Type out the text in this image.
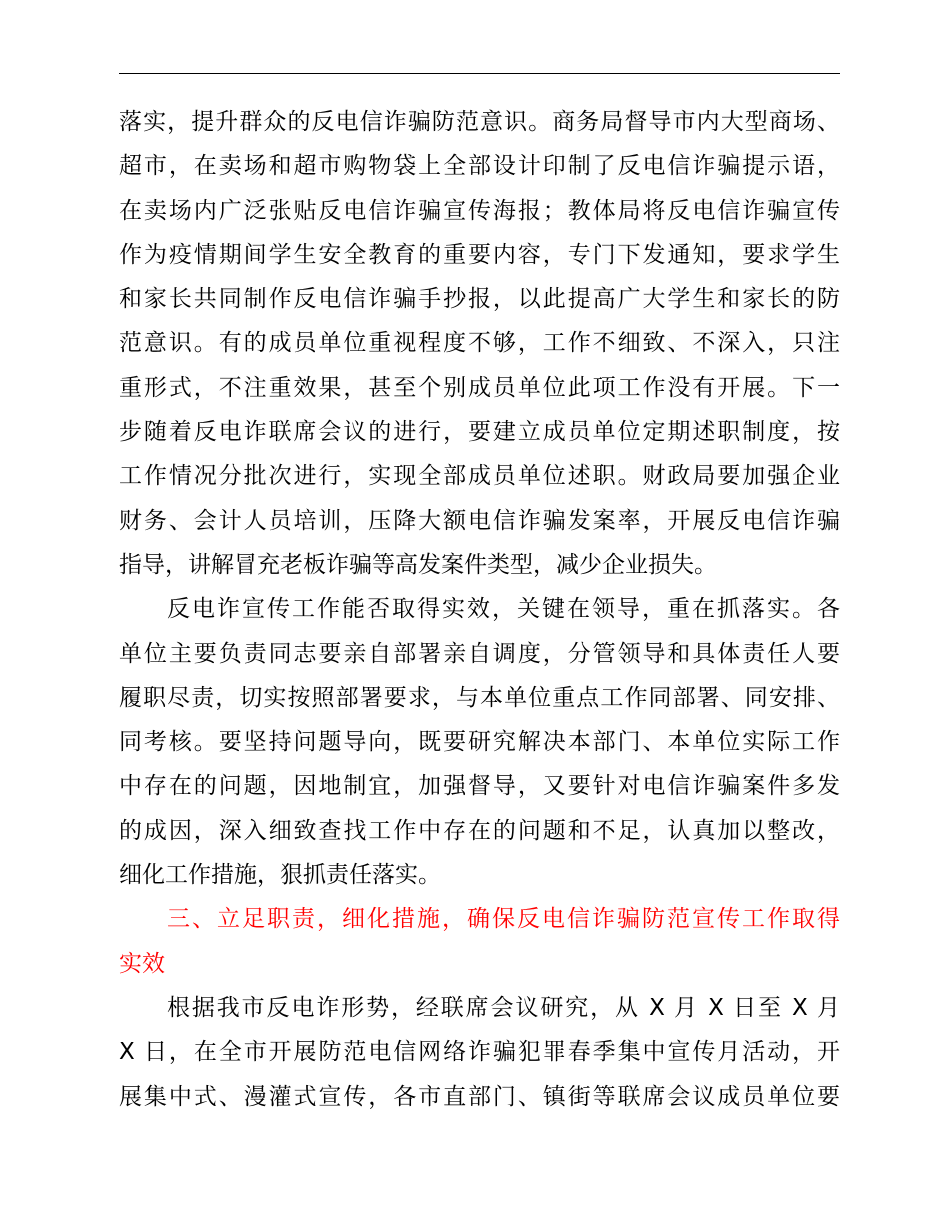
落实，提升群众的反电信诈骗防范意识。商务局督导市内大型商场、
超市，在卖场和超市购物袋上全部设计印制了反电信诈骗提示语，
在卖场内广泛张贴反电信诈骗宣传海报；教体局将反电信诈骗宣传
作为疫情期间学生安全教育的重要内容，专门下发通知，要求学生
和家长共同制作反电信诈骗手抄报，以此提高广大学生和家长的防
范意识。有的成员单位重视程度不够，工作不细致、不深入，只注
重形式，不注重效果，甚至个别成员单位此项工作没有开展。下一
步随着反电诈联席会议的进行，要建立成员单位定期述职制度，按
工作情况分批次进行，实现全部成员单位述职。财政局要加强企业
财务、会计人员培训，压降大额电信诈骗发案率，开展反电信诈骗
指导，讲解冒充老板诈骗等高发案件类型，减少企业损失。
反电诈宣传工作能否取得实效，关键在领导，重在抓落实。各
单位主要负责同志要亲自部署亲自调度，分管领导和具体责任人要
履职尽责，切实按照部署要求，与本单位重点工作同部署、同安排、
同考核。要坚持问题导向，既要研究解决本部门、本单位实际工作
中存在的问题，因地制宜，加强督导，又要针对电信诈骗案件多发
的成因，深入细致查找工作中存在的问题和不足，认真加以整改，
细化工作措施，狠抓责任落实。
三、立足职责，细化措施，确保反电信诈骗防范宣传工作取得
实效
根据我市反电诈形势，经联席会议研究，从 X 月 X 日至 X 月
X 日，在全市开展防范电信网络诈骗犯罪春季集中宣传月活动，开
展集中式、漫灌式宣传，各市直部门、镇街等联席会议成员单位要
